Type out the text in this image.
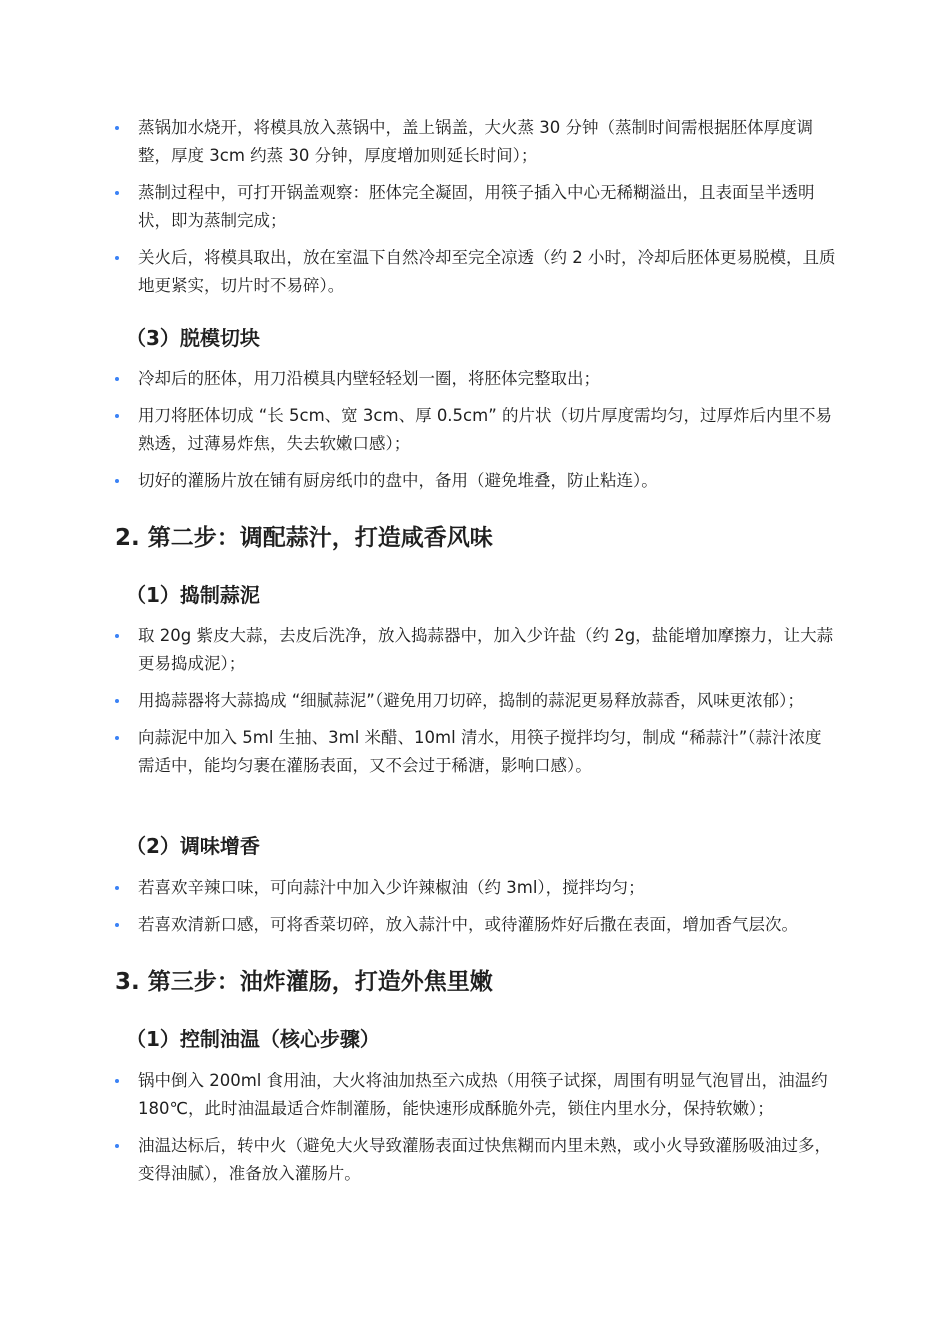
蒸锅加水烧开，将模具放入蒸锅中，盖上锅盖，大火蒸 30 分钟（蒸制时间需根据胚体厚度调整，厚度 3cm 约蒸 30 分钟，厚度增加则延长时间）；
蒸制过程中，可打开锅盖观察：胚体完全凝固，用筷子插入中心无稀糊溢出，且表面呈半透明状，即为蒸制完成；
关火后，将模具取出，放在室温下自然冷却至完全凉透（约 2 小时，冷却后胚体更易脱模，且质地更紧实，切片时不易碎）。
（3）脱模切块
冷却后的胚体，用刀沿模具内壁轻轻划一圈，将胚体完整取出；
用刀将胚体切成 “长 5cm、宽 3cm、厚 0.5cm” 的片状（切片厚度需均匀，过厚炸后内里不易熟透，过薄易炸焦，失去软嫩口感）；
切好的灌肠片放在铺有厨房纸巾的盘中，备用（避免堆叠，防止粘连）。
2. 第二步：调配蒜汁，打造咸香风味
（1）捣制蒜泥
取 20g 紫皮大蒜，去皮后洗净，放入捣蒜器中，加入少许盐（约 2g，盐能增加摩擦力，让大蒜更易捣成泥）；
用捣蒜器将大蒜捣成 “细腻蒜泥”（避免用刀切碎，捣制的蒜泥更易释放蒜香，风味更浓郁）；
向蒜泥中加入 5ml 生抽、3ml 米醋、10ml 清水，用筷子搅拌均匀，制成 “稀蒜汁”（蒜汁浓度需适中，能均匀裹在灌肠表面，又不会过于稀溏，影响口感）。
（2）调味增香
若喜欢辛辣口味，可向蒜汁中加入少许辣椒油（约 3ml），搅拌均匀；
若喜欢清新口感，可将香菜切碎，放入蒜汁中，或待灌肠炸好后撒在表面，增加香气层次。
3. 第三步：油炸灌肠，打造外焦里嫩
（1）控制油温（核心步骤）
锅中倒入 200ml 食用油，大火将油加热至六成热（用筷子试探，周围有明显气泡冒出，油温约 180℃，此时油温最适合炸制灌肠，能快速形成酥脆外壳，锁住内里水分，保持软嫩）；
油温达标后，转中火（避免大火导致灌肠表面过快焦糊而内里未熟，或小火导致灌肠吸油过多，变得油腻），准备放入灌肠片。
